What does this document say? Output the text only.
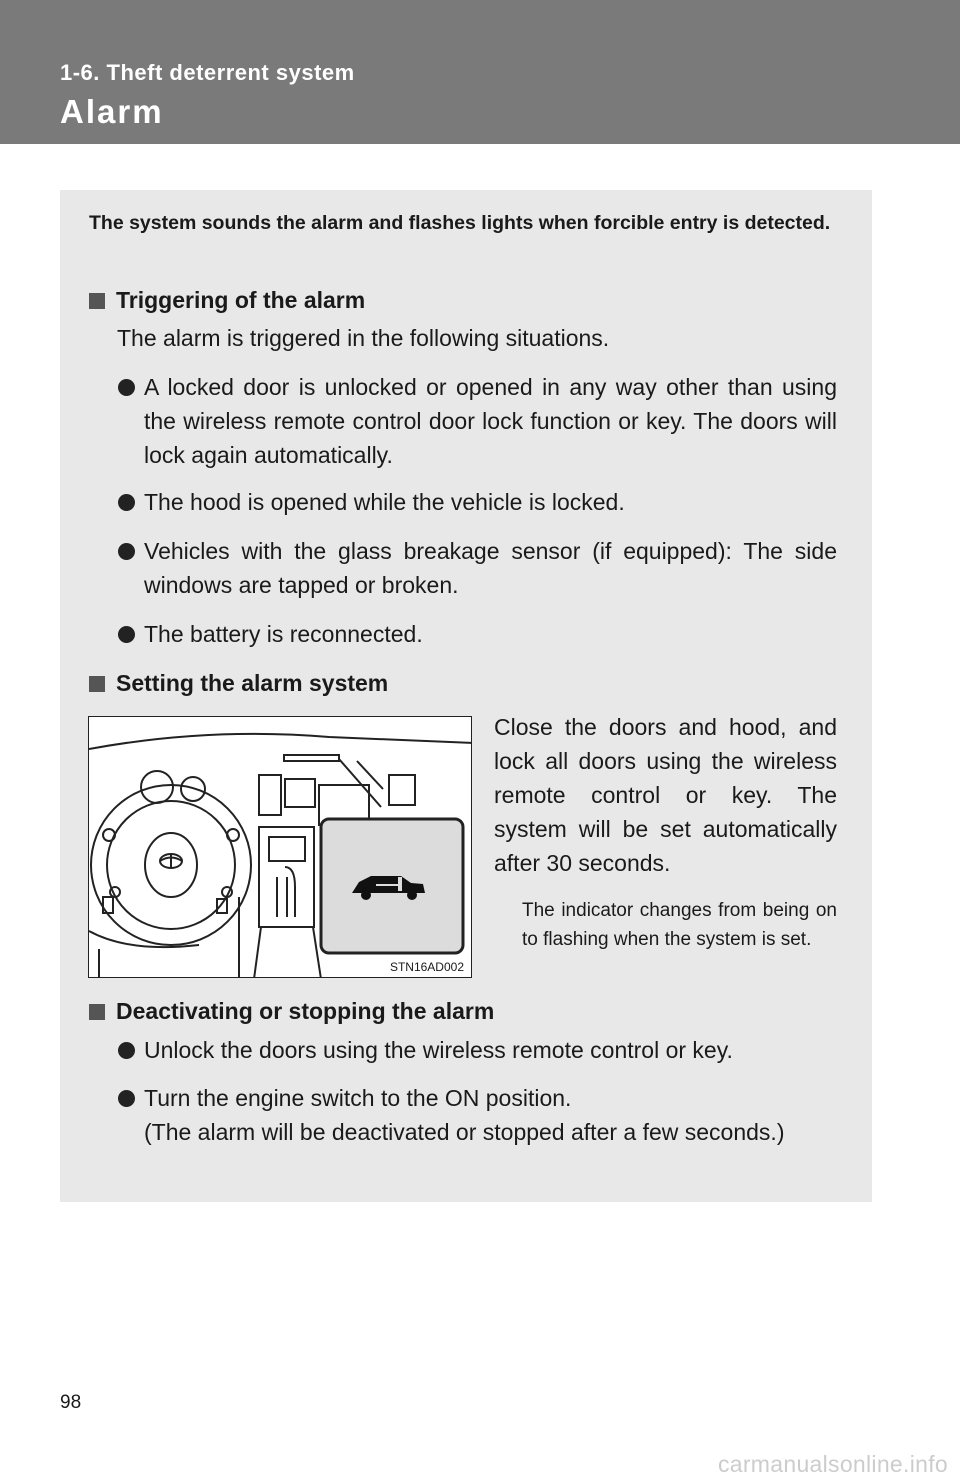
1-6. Theft deterrent system
Alarm
The system sounds the alarm and flashes lights when forcible entry is detected.
Triggering of the alarm
The alarm is triggered in the following situations.
A locked door is unlocked or opened in any way other than using the wireless remote control door lock function or key. The doors will lock again automatically.
The hood is opened while the vehicle is locked.
Vehicles with the glass breakage sensor (if equipped): The side windows are tapped or broken.
The battery is reconnected.
Setting the alarm system
STN16AD002
Close the doors and hood, and lock all doors using the wireless remote control or key. The system will be set automatically after 30 seconds.
The indicator changes from being on to flashing when the system is set.
Deactivating or stopping the alarm
Unlock the doors using the wireless remote control or key.
Turn the engine switch to the ON position.
(The alarm will be deactivated or stopped after a few seconds.)
98
carmanualsonline.info
